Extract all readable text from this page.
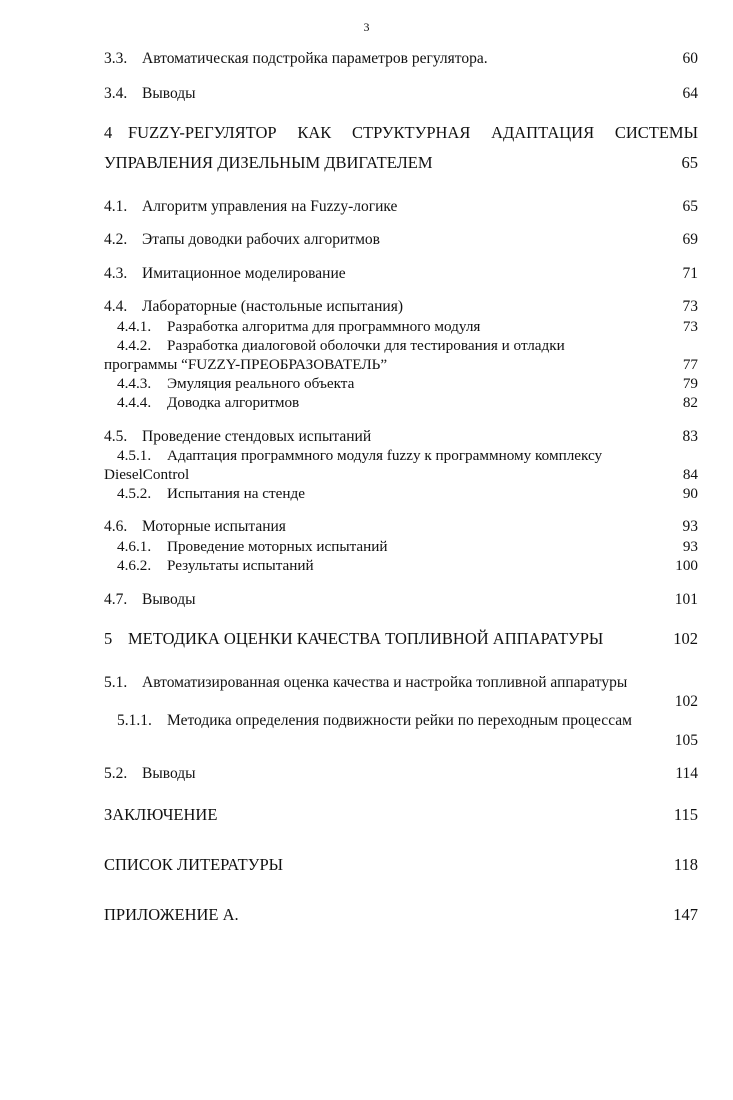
3
3.3. Автоматическая подстройка параметров регулятора.	60
3.4. Выводы	64
4 FUZZY-РЕГУЛЯТОР КАК СТРУКТУРНАЯ АДАПТАЦИЯ СИСТЕМЫ
УПРАВЛЕНИЯ ДИЗЕЛЬНЫМ ДВИГАТЕЛЕМ	65
4.1. Алгоритм управления на Fuzzy-логике	65
4.2. Этапы доводки рабочих алгоритмов	69
4.3. Имитационное моделирование	71
4.4. Лабораторные (настольные испытания)	73
4.4.1. Разработка алгоритма для программного модуля	73
4.4.2. Разработка диалоговой оболочки для тестирования и отладки
программы “FUZZY-ПРЕОБРАЗОВАТЕЛЬ”	77
4.4.3. Эмуляция реального объекта	79
4.4.4. Доводка алгоритмов	82
4.5. Проведение стендовых испытаний	83
4.5.1. Адаптация программного модуля fuzzy к программному комплексу
DieselControl	84
4.5.2. Испытания на стенде	90
4.6. Моторные испытания	93
4.6.1. Проведение моторных испытаний	93
4.6.2. Результаты испытаний	100
4.7. Выводы	101
5 МЕТОДИКА ОЦЕНКИ КАЧЕСТВА ТОПЛИВНОЙ АППАРАТУРЫ	102
5.1. Автоматизированная оценка качества и настройка топливной аппаратуры
102
5.1.1. Методика определения подвижности рейки по переходным процессам
105
5.2. Выводы	114
ЗАКЛЮЧЕНИЕ	115
СПИСОК ЛИТЕРАТУРЫ	118
ПРИЛОЖЕНИЕ А.	147
